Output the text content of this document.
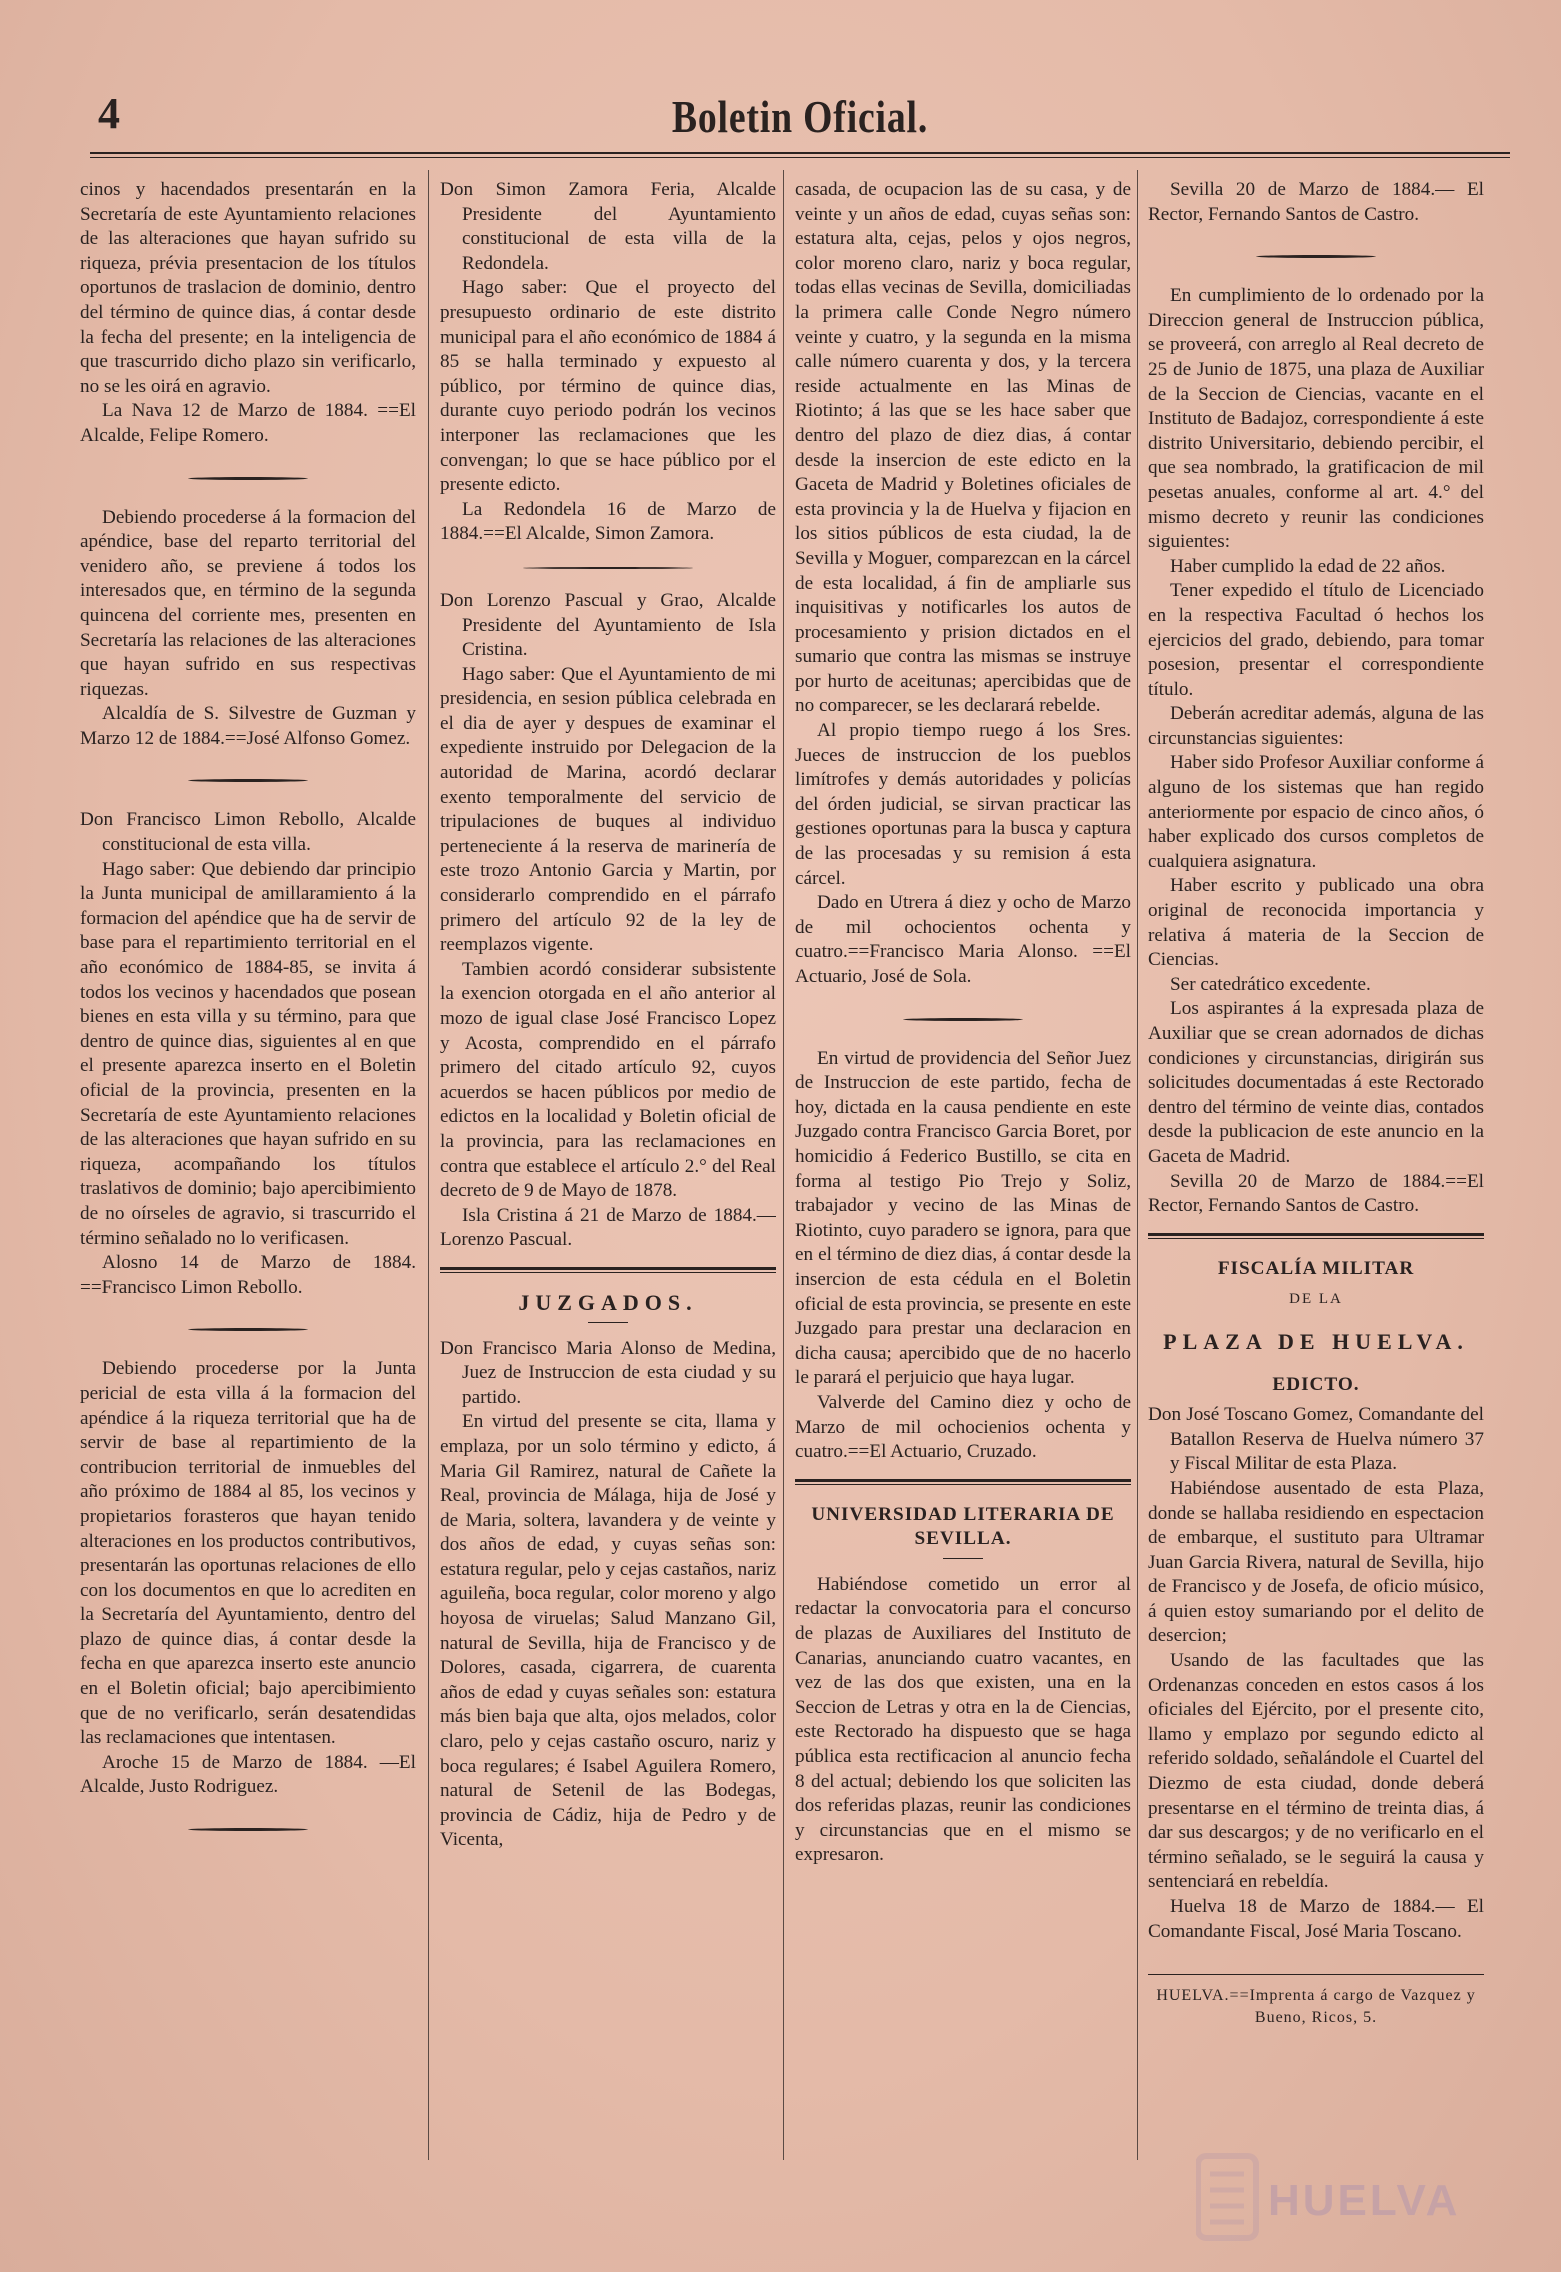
4	Boletin Oficial.

cinos y hacendados presentarán en la Secretaría de este Ayuntamiento relaciones de las alteraciones que hayan sufrido su riqueza, prévia presentacion de los títulos oportunos de traslacion de dominio, dentro del término de quince dias, á contar desde la fecha del presente; en la inteligencia de que trascurrido dicho plazo sin verificarlo, no se les oirá en agravio.

La Nava 12 de Marzo de 1884. ==El Alcalde, Felipe Romero.

Debiendo procederse á la formacion del apéndice, base del reparto territorial del venidero año, se previene á todos los interesados que, en término de la segunda quincena del corriente mes, presenten en Secretaría las relaciones de las alteraciones que hayan sufrido en sus respectivas riquezas.

Alcaldía de S. Silvestre de Guzman y Marzo 12 de 1884.==José Alfonso Gomez.

Don Francisco Limon Rebollo, Alcalde constitucional de esta villa.

Hago saber: Que debiendo dar principio la Junta municipal de amillaramiento á la formacion del apéndice que ha de servir de base para el repartimiento territorial en el año económico de 1884-85, se invita á todos los vecinos y hacendados que posean bienes en esta villa y su término, para que dentro de quince dias, siguientes al en que el presente aparezca inserto en el Boletin oficial de la provincia, presenten en la Secretaría de este Ayuntamiento relaciones de las alteraciones que hayan sufrido en su riqueza, acompañando los títulos traslativos de dominio; bajo apercibimiento de no oírseles de agravio, si trascurrido el término señalado no lo verificasen.

Alosno 14 de Marzo de 1884. ==Francisco Limon Rebollo.

Debiendo procederse por la Junta pericial de esta villa á la formacion del apéndice á la riqueza territorial que ha de servir de base al repartimiento de la contribucion territorial de inmuebles del año próximo de 1884 al 85, los vecinos y propietarios forasteros que hayan tenido alteraciones en los productos contributivos, presentarán las oportunas relaciones de ello con los documentos en que lo acrediten en la Secretaría del Ayuntamiento, dentro del plazo de quince dias, á contar desde la fecha en que aparezca inserto este anuncio en el Boletin oficial; bajo apercibimiento que de no verificarlo, serán desatendidas las reclamaciones que intentasen.

Aroche 15 de Marzo de 1884. —El Alcalde, Justo Rodriguez.

Don Simon Zamora Feria, Alcalde Presidente del Ayuntamiento constitucional de esta villa de la Redondela.

Hago saber: Que el proyecto del presupuesto ordinario de este distrito municipal para el año económico de 1884 á 85 se halla terminado y expuesto al público, por término de quince dias, durante cuyo periodo podrán los vecinos interponer las reclamaciones que les convengan; lo que se hace público por el presente edicto.

La Redondela 16 de Marzo de 1884.==El Alcalde, Simon Zamora.

Don Lorenzo Pascual y Grao, Alcalde Presidente del Ayuntamiento de Isla Cristina.

Hago saber: Que el Ayuntamiento de mi presidencia, en sesion pública celebrada en el dia de ayer y despues de examinar el expediente instruido por Delegacion de la autoridad de Marina, acordó declarar exento temporalmente del servicio de tripulaciones de buques al individuo perteneciente á la reserva de marinería de este trozo Antonio Garcia y Martin, por considerarlo comprendido en el párrafo primero del artículo 92 de la ley de reemplazos vigente.

Tambien acordó considerar subsistente la exencion otorgada en el año anterior al mozo de igual clase José Francisco Lopez y Acosta, comprendido en el párrafo primero del citado artículo 92, cuyos acuerdos se hacen públicos por medio de edictos en la localidad y Boletin oficial de la provincia, para las reclamaciones en contra que establece el artículo 2.° del Real decreto de 9 de Mayo de 1878.

Isla Cristina á 21 de Marzo de 1884.—Lorenzo Pascual.

JUZGADOS.

Don Francisco Maria Alonso de Medina, Juez de Instruccion de esta ciudad y su partido.

En virtud del presente se cita, llama y emplaza, por un solo término y edicto, á Maria Gil Ramirez, natural de Cañete la Real, provincia de Málaga, hija de José y de Maria, soltera, lavandera y de veinte y dos años de edad, y cuyas señas son: estatura regular, pelo y cejas castaños, nariz aguileña, boca regular, color moreno y algo hoyosa de viruelas; Salud Manzano Gil, natural de Sevilla, hija de Francisco y de Dolores, casada, cigarrera, de cuarenta años de edad y cuyas señales son: estatura más bien baja que alta, ojos melados, color claro, pelo y cejas castaño oscuro, nariz y boca regulares; é Isabel Aguilera Romero, natural de Setenil de las Bodegas, provincia de Cádiz, hija de Pedro y de Vicenta,

casada, de ocupacion las de su casa, y de veinte y un años de edad, cuyas señas son: estatura alta, cejas, pelos y ojos negros, color moreno claro, nariz y boca regular, todas ellas vecinas de Sevilla, domiciliadas la primera calle Conde Negro número veinte y cuatro, y la segunda en la misma calle número cuarenta y dos, y la tercera reside actualmente en las Minas de Riotinto; á las que se les hace saber que dentro del plazo de diez dias, á contar desde la insercion de este edicto en la Gaceta de Madrid y Boletines oficiales de esta provincia y la de Huelva y fijacion en los sitios públicos de esta ciudad, la de Sevilla y Moguer, comparezcan en la cárcel de esta localidad, á fin de ampliarle sus inquisitivas y notificarles los autos de procesamiento y prision dictados en el sumario que contra las mismas se instruye por hurto de aceitunas; apercibidas que de no comparecer, se les declarará rebelde.

Al propio tiempo ruego á los Sres. Jueces de instruccion de los pueblos limítrofes y demás autoridades y policías del órden judicial, se sirvan practicar las gestiones oportunas para la busca y captura de las procesadas y su remision á esta cárcel.

Dado en Utrera á diez y ocho de Marzo de mil ochocientos ochenta y cuatro.==Francisco Maria Alonso. ==El Actuario, José de Sola.

En virtud de providencia del Señor Juez de Instruccion de este partido, fecha de hoy, dictada en la causa pendiente en este Juzgado contra Francisco Garcia Boret, por homicidio á Federico Bustillo, se cita en forma al testigo Pio Trejo y Soliz, trabajador y vecino de las Minas de Riotinto, cuyo paradero se ignora, para que en el término de diez dias, á contar desde la insercion de esta cédula en el Boletin oficial de esta provincia, se presente en este Juzgado para prestar una declaracion en dicha causa; apercibido que de no hacerlo le parará el perjuicio que haya lugar.

Valverde del Camino diez y ocho de Marzo de mil ochocienios ochenta y cuatro.==El Actuario, Cruzado.

UNIVERSIDAD LITERARIA DE SEVILLA.

Habiéndose cometido un error al redactar la convocatoria para el concurso de plazas de Auxiliares del Instituto de Canarias, anunciando cuatro vacantes, en vez de las dos que existen, una en la Seccion de Letras y otra en la de Ciencias, este Rectorado ha dispuesto que se haga pública esta rectificacion al anuncio fecha 8 del actual; debiendo los que soliciten las dos referidas plazas, reunir las condiciones y circunstancias que en el mismo se expresaron.

Sevilla 20 de Marzo de 1884.— El Rector, Fernando Santos de Castro.

En cumplimiento de lo ordenado por la Direccion general de Instruccion pública, se proveerá, con arreglo al Real decreto de 25 de Junio de 1875, una plaza de Auxiliar de la Seccion de Ciencias, vacante en el Instituto de Badajoz, correspondiente á este distrito Universitario, debiendo percibir, el que sea nombrado, la gratificacion de mil pesetas anuales, conforme al art. 4.° del mismo decreto y reunir las condiciones siguientes:

Haber cumplido la edad de 22 años.

Tener expedido el título de Licenciado en la respectiva Facultad ó hechos los ejercicios del grado, debiendo, para tomar posesion, presentar el correspondiente título.

Deberán acreditar además, alguna de las circunstancias siguientes:

Haber sido Profesor Auxiliar conforme á alguno de los sistemas que han regido anteriormente por espacio de cinco años, ó haber explicado dos cursos completos de cualquiera asignatura.

Haber escrito y publicado una obra original de reconocida importancia y relativa á materia de la Seccion de Ciencias.

Ser catedrático excedente.

Los aspirantes á la expresada plaza de Auxiliar que se crean adornados de dichas condiciones y circunstancias, dirigirán sus solicitudes documentadas á este Rectorado dentro del término de veinte dias, contados desde la publicacion de este anuncio en la Gaceta de Madrid.

Sevilla 20 de Marzo de 1884.==El Rector, Fernando Santos de Castro.

FISCALÍA MILITAR
DE LA
PLAZA DE HUELVA.
EDICTO.

Don José Toscano Gomez, Comandante del Batallon Reserva de Huelva número 37 y Fiscal Militar de esta Plaza.

Habiéndose ausentado de esta Plaza, donde se hallaba residiendo en espectacion de embarque, el sustituto para Ultramar Juan Garcia Rivera, natural de Sevilla, hijo de Francisco y de Josefa, de oficio músico, á quien estoy sumariando por el delito de desercion;

Usando de las facultades que las Ordenanzas conceden en estos casos á los oficiales del Ejército, por el presente cito, llamo y emplazo por segundo edicto al referido soldado, señalándole el Cuartel del Diezmo de esta ciudad, donde deberá presentarse en el término de treinta dias, á dar sus descargos; y de no verificarlo en el término señalado, se le seguirá la causa y sentenciará en rebeldía.

Huelva 18 de Marzo de 1884.— El Comandante Fiscal, José Maria Toscano.

HUELVA.==Imprenta á cargo de Vazquez y Bueno, Ricos, 5.
HUELVA
